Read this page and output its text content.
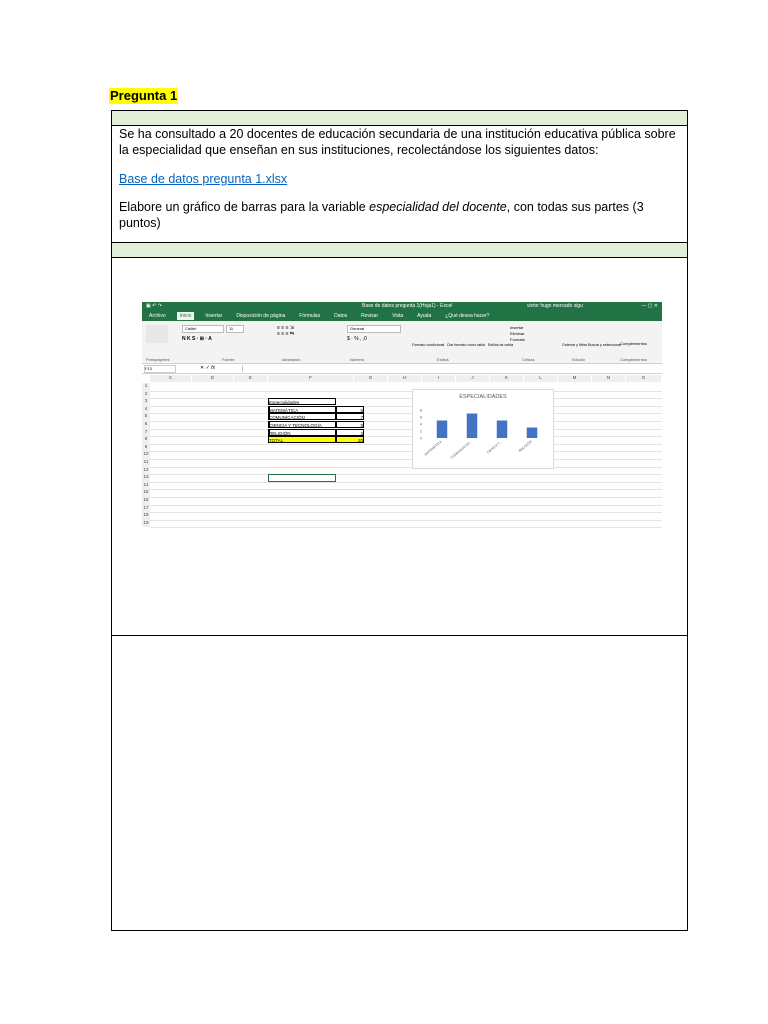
Pregunta 1
Se ha consultado a 20 docentes de educación secundaria de una institución educativa pública sobre la especialidad que enseñan en sus instituciones, recolectándose los siguientes datos:
Base de datos pregunta 1.xlsx
Elabore un gráfico de barras para la variable especialidad del docente, con todas sus partes (3 puntos)
▣ ↶ ↷	Base de datos pregunta 1(Hoja1) - Excel	victor hugo mercado sigu	— ▢ ✕
Archivo	Inicio	Insertar	Disposición de página	Fórmulas	Datos	Revisar	Vista	Ayuda	¿Qué desea hacer?
Calibri	11
N K S · ⊞ · A
≡ ≡ ≡ ⇲
≡ ≡ ≡ ⇆
General
$ · % ‚ ,0
Formato condicional Dar formato como tabla Estilos de celda
Insertar
Eliminar
Formato
Ordenar y filtrar Buscar y seleccionar
Complementos
Portapapeles	Fuente	Alineación	Número	Estilos	Celdas	Edición	Complementos
F13	✕ ✓ fx
C	D	E	F	G	H	I	J	K	L	M	N	O
1
2
3
4
5
6
7
8
9
10
11
12
13
14
15
16
17
18
19
Especialidades
MATEMÁTICA	5
COMUNICACIÓN	7
CIENCIA Y TECNOLOGÍA	5
RELIGIÓN	3
TOTAL	20
ESPECIALIDADES
8
6
4
2
0
MATEMÁTICA COMUNICACIÓ...	CIENCIA Y...	RELIGIÓN
